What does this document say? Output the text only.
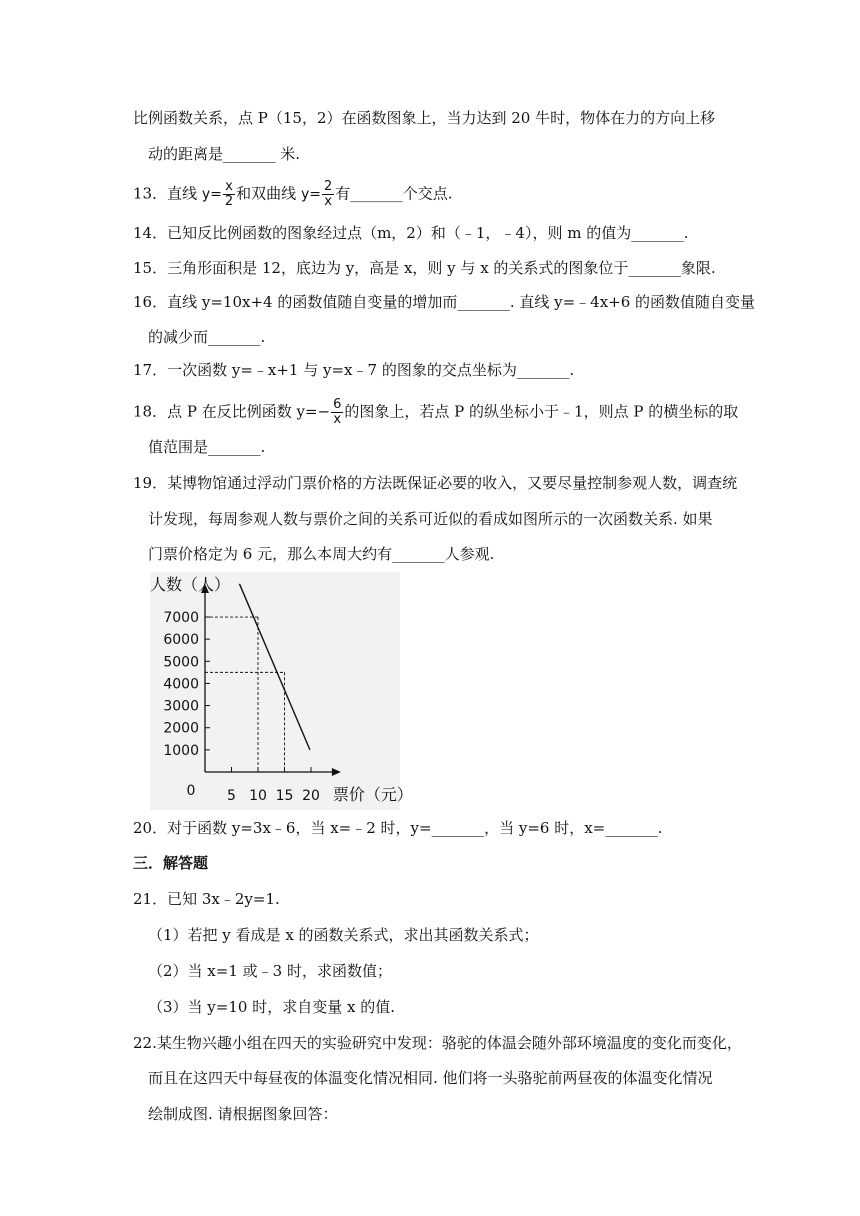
比例函数关系，点 P（15，2）在函数图象上，当力达到 20 牛时，物体在力的方向上移
动的距离是_______ 米.
13．直线 $y= \frac{x}{2}$ 和双曲线 $y= \frac{2}{x}$ 有_______个交点.
14．已知反比例函数的图象经过点（m，2）和（﹣1，﹣4），则 m 的值为_______.
15．三角形面积是 12，底边为 y，高是 x，则 y 与 x 的关系式的图象位于_______象限.
16．直线 y=10x+4 的函数值随自变量的增加而_______. 直线 y=﹣4x+6 的函数值随自变量
的减少而_______.
17．一次函数 y=﹣x+1 与 y=x﹣7 的图象的交点坐标为_______.
18．点 P 在反比例函数 $y=- \frac{6}{x}$ 的图象上，若点 P 的纵坐标小于﹣1，则点 P 的横坐标的取
值范围是_______.
19．某博物馆通过浮动门票价格的方法既保证必要的收入，又要尽量控制参观人数，调查统
计发现，每周参观人数与票价之间的关系可近似的看成如图所示的一次函数关系. 如果
门票价格定为 6 元，那么本周大约有_______人参观.
1000
2000
3000
4000
5000
6000
7000
5 10 15 20
0
人数（人）
票价（元）
20．对于函数 y=3x﹣6，当 x=﹣2 时，y=_______，当 y=6 时，x=_______.
三．解答题
21．已知 3x﹣2y=1.
（1）若把 y 看成是 x 的函数关系式，求出其函数关系式；
（2）当 x=1 或﹣3 时，求函数值；
（3）当 y=10 时，求自变量 x 的值.
22.某生物兴趣小组在四天的实验研究中发现：骆驼的体温会随外部环境温度的变化而变化，
而且在这四天中每昼夜的体温变化情况相同. 他们将一头骆驼前两昼夜的体温变化情况
绘制成图. 请根据图象回答：
